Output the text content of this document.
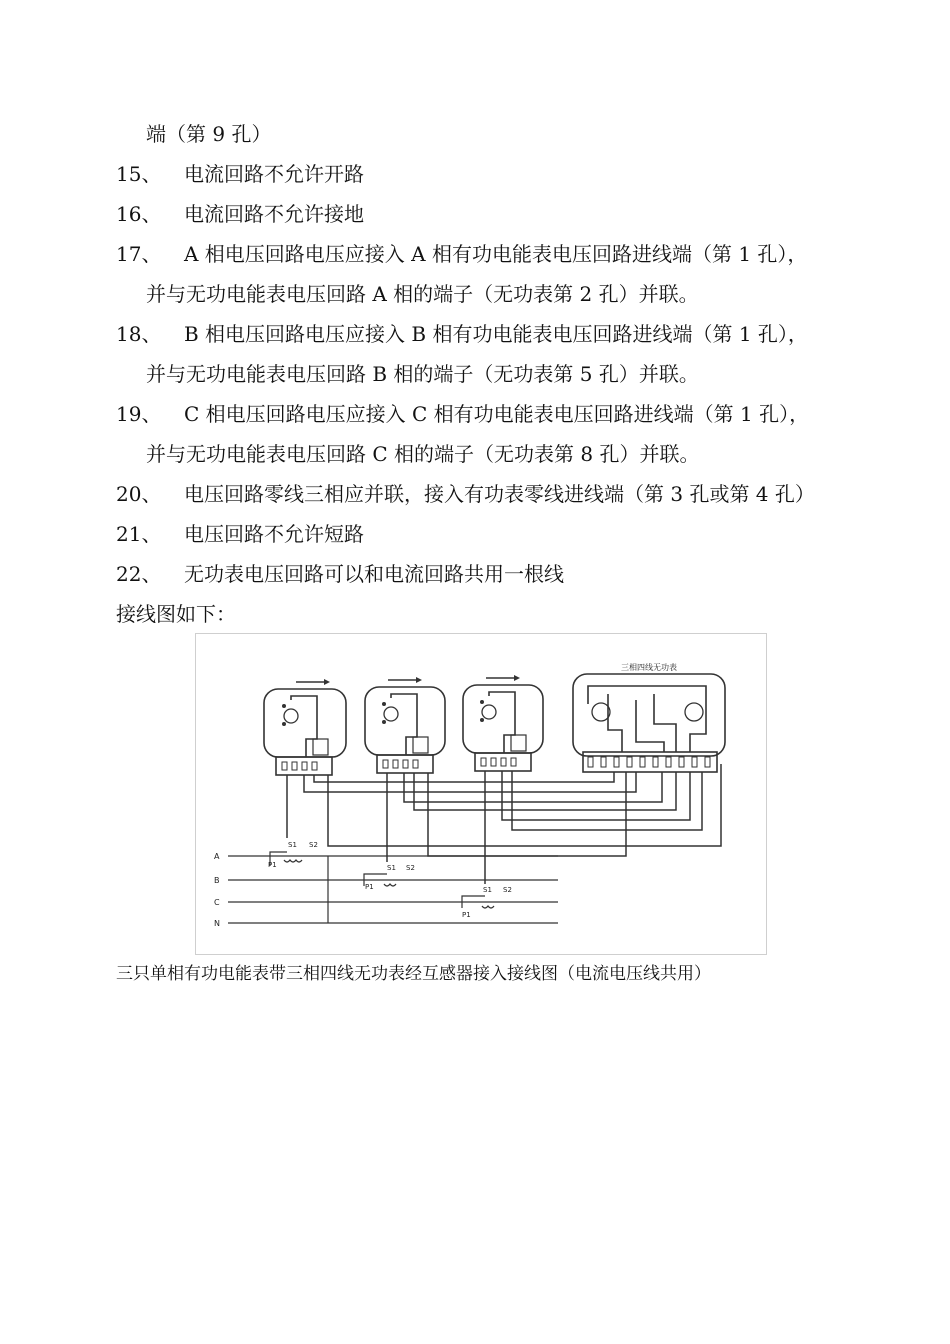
端（第 9 孔）
15、 电流回路不允许开路
16、 电流回路不允许接地
17、 A 相电压回路电压应接入 A 相有功电能表电压回路进线端（第 1 孔），
并与无功电能表电压回路 A 相的端子（无功表第 2 孔）并联。
18、 B 相电压回路电压应接入 B 相有功电能表电压回路进线端（第 1 孔），
并与无功电能表电压回路 B 相的端子（无功表第 5 孔）并联。
19、 C 相电压回路电压应接入 C 相有功电能表电压回路进线端（第 1 孔），
并与无功电能表电压回路 C 相的端子（无功表第 8 孔）并联。
20、 电压回路零线三相应并联，接入有功表零线进线端（第 3 孔或第 4 孔）
21、 电压回路不允许短路
22、 无功表电压回路可以和电流回路共用一根线
接线图如下：
三相四线无功表
A
B
C
N
S1 S2
P1	S1 S2
P1	S1 S2
P1
三只单相有功电能表带三相四线无功表经互感器接入接线图（电流电压线共用）
